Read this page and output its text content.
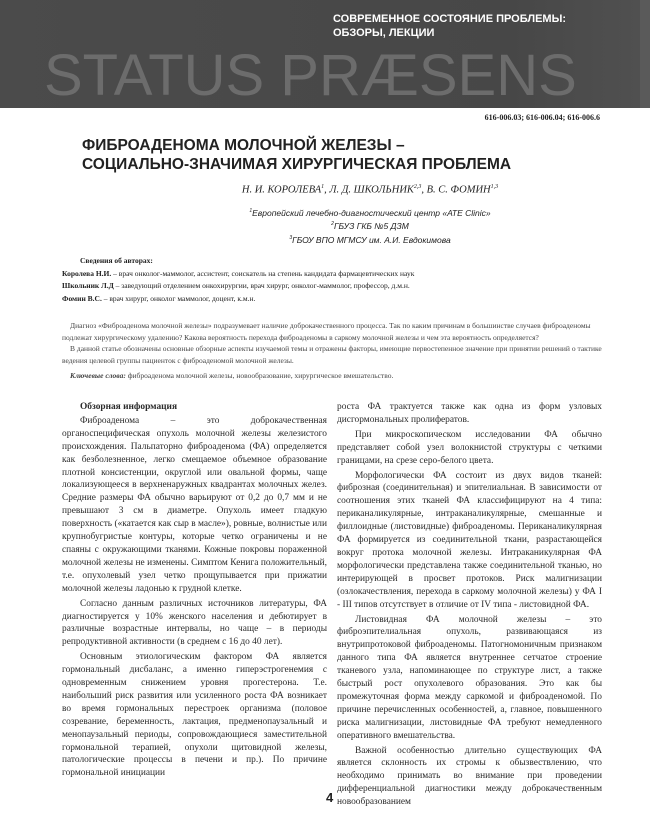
STATUS PRÆSENS
СОВРЕМЕННОЕ СОСТОЯНИЕ ПРОБЛЕМЫ:
ОБЗОРЫ, ЛЕКЦИИ
616-006.03; 616-006.04; 616-006.6
ФИБРОАДЕНОМА МОЛОЧНОЙ ЖЕЛЕЗЫ –
СОЦИАЛЬНО-ЗНАЧИМАЯ ХИРУРГИЧЕСКАЯ ПРОБЛЕМА
Н. И. КОРОЛЕВА$^1$, Л. Д. ШКОЛЬНИК$^{2,3}$, В. С. ФОМИН$^{1,3}$
$^1$Европейский лечебно-диагностический центр «АТЕ Clinic»
$^2$ГБУЗ ГКБ №5 ДЗМ
$^3$ГБОУ ВПО МГМСУ им. А.И. Евдокимова
Сведения об авторах:
Королева Н.И. – врач онколог-маммолог, ассистент, соискатель на степень кандидата фармацевтических наук
Школьник Л.Д – заведующий отделением онкохирургии, врач хирург, онколог-маммолог, профессор, д.м.н.
Фомин В.С. – врач хирург, онколог маммолог, доцент, к.м.н.

Диагноз «Фиброаденома молочной железы» подразумевает наличие доброкачественного процесса. Так по каким причинам в большинстве случаев фиброаденомы подлежат хирургическому удалению? Какова вероятность перехода фиброаденомы в саркому молочной железы и чем эта вероятность определяется?

В данной статье обозначены основные обзорные аспекты изучаемой темы и отражены факторы, имеющие первостепенное значение при принятии решений о тактике ведения целевой группы пациенток с фиброаденомой молочной железы.

Ключевые слова: фиброаденома молочной железы, новообразование, хирургическое вмешательство.

Обзорная информация

Фиброаденома – это доброкачественная органоспецифическая опухоль молочной железы железистого происхождения. Пальпаторно фиброаденома (ФА) определяется как безболезненное, легко смещаемое объемное образование плотной консистенции, округлой или овальной формы, чаще локализующееся в верхненаружных квадрантах молочных желез. Средние размеры ФА обычно варьируют от 0,2 до 0,7 мм и не превышают 3 см в диаметре. Опухоль имеет гладкую поверхность («катается как сыр в масле»), ровные, волнистые или крупнобугристые контуры, которые четко ограничены и не спаяны с окружающими тканями. Кожные покровы пораженной молочной железы не изменены. Симптом Кенига положительный, т.е. опухолевый узел четко прощупывается при прижатии молочной железы ладонью к грудной клетке.

Согласно данным различных источников литературы, ФА диагностируется у 10% женского населения и дебютирует в различные возрастные интервалы, но чаще – в периоды репродуктивной активности (в среднем с 16 до 40 лет).

Основным этиологическим фактором ФА является гормональный дисбаланс, а именно гиперэстрогенемия с одновременным снижением уровня прогестерона. Т.е. наибольший риск развития или усиленного роста ФА возникает во время гормональных перестроек организма (половое созревание, беременность, лактация, предменопаузальный и менопаузальный периоды, сопровождающиеся заместительной гормональной терапией, опухоли щитовидной железы, патологические процессы в печени и пр.). По причине гормональной инициации

роста ФА трактуется также как одна из форм узловых дисгормональных пролифератов.

При микроскопическом исследовании ФА обычно представляет собой узел волокнистой структуры с четкими границами, на срезе серо-белого цвета.

Морфологически ФА состоит из двух видов тканей: фиброзная (соединительная) и эпителиальная. В зависимости от соотношения этих тканей ФА классифицируют на 4 типа: периканаликулярные, интраканаликулярные, смешанные и филлоидные (листовидные) фиброаденомы. Периканаликулярная ФА формируется из соединительной ткани, разрастающейся вокруг протока молочной железы. Интраканикулярная ФА морфологически представлена также соединительной тканью, но интерирующей в просвет протоков. Риск малигнизации (озлокачествления, перехода в саркому молочной железы) у ФА I - III типов отсутствует в отличие от IV типа - листовидной ФА.

Листовидная ФА молочной железы – это фиброэпителиальная опухоль, развивающаяся из внутрипротоковой фиброаденомы. Патогномоничным признаком данного типа ФА является внутреннее сетчатое строение тканевого узла, напоминающее по структуре лист, а также быстрый рост опухолевого образования. Это как бы промежуточная форма между саркомой и фиброаденомой. По причине перечисленных особенностей, а, главное, повышенного риска малигнизации, листовидные ФА требуют немедленного оперативного вмешательства.

Важной особенностью длительно существующих ФА является склонность их стромы к обызвествлению, что необходимо принимать во внимание при проведении дифференциальной диагностики между доброкачественным новообразованием

4
